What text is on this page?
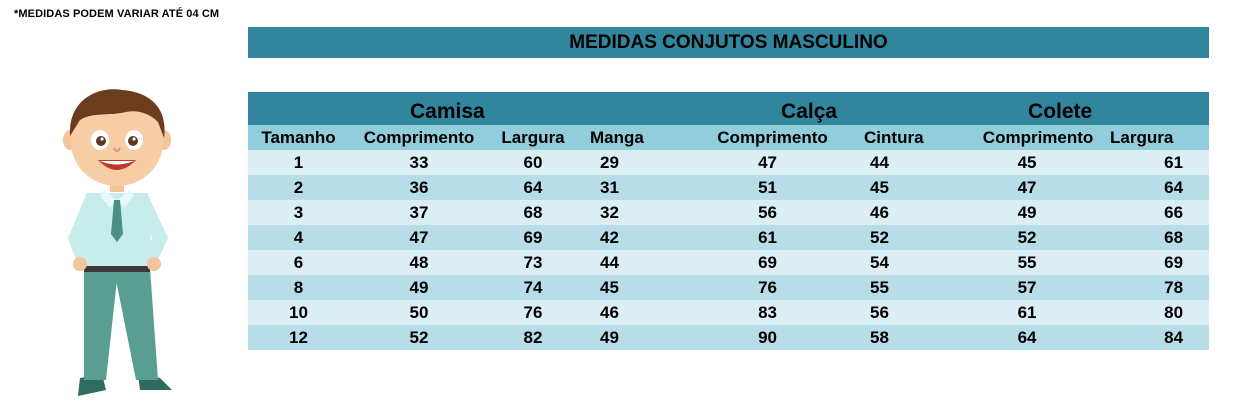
*MEDIDAS PODEM VARIAR ATÉ 04 CM
MEDIDAS CONJUTOS MASCULINO
Camisa				Calça		Colete	
Tamanho	Comprimento	Largura	Manga	Comprimento	Cintura	Comprimento	Largura
1	33	60	29	47	44	45	61
2	36	64	31	51	45	47	64
3	37	68	32	56	46	49	66
4	47	69	42	61	52	52	68
6	48	73	44	69	54	55	69
8	49	74	45	76	55	57	78
10	50	76	46	83	56	61	80
12	52	82	49	90	58	64	84
